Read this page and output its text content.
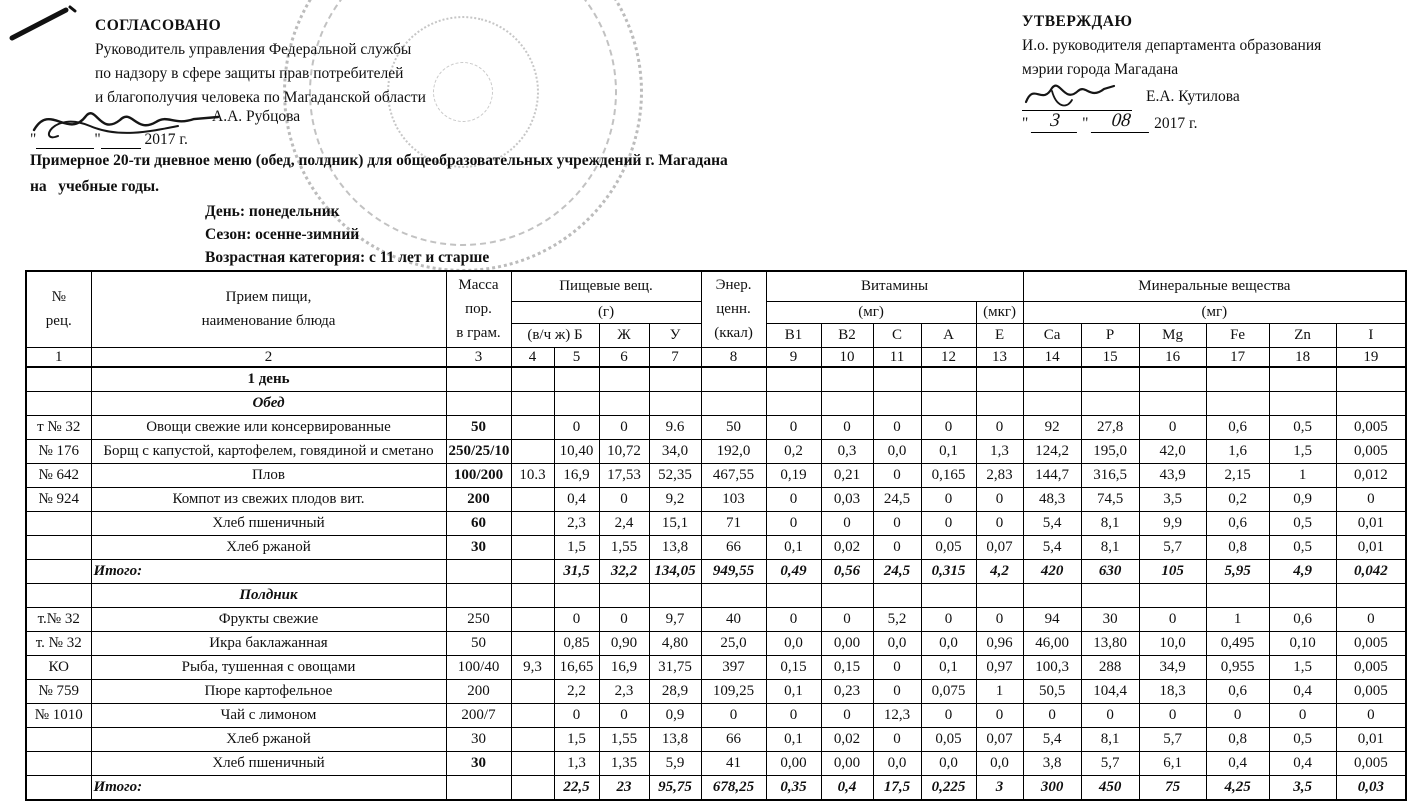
СОГЛАСОВАНО
Руководитель управления Федеральной службы
по надзору в сфере защиты прав потребителей
и благополучия человека по Магаданской области
А.А. Рубцова
"	"	2017 г.
УТВЕРЖДАЮ
И.о. руководителя департамента образования
мэрии города Магадана
Е.А. Кутилова
" 3 " 08 2017 г.
Примерное 20-ти дневное меню (обед, полдник) для общеобразовательных учреждений г. Магадана
на   учебные годы.
День: понедельник
Сезон: осенне-зимний
Возрастная категория: с 11 лет и старше
№
рец.

Прием пищи,
наименование блюда

Масса
пор.
в грам.
	Пищевые вещ.	Энер.
ценн.
(ккал)
	Витамины	Минеральные вещества
			(г)					(мг)				(мкг)	(мг)					
			(в/ч ж) Б		Ж	У		B1	B2	C	A	E	Ca	P	Mg	Fe	Zn	I
1	2	3	4	5	6	7	8	9	10	11	12	13	14	15	16	17	18	19
	1 день																	
	Обед																	
т № 32	Овощи свежие или консервированные	50		0	0	9.6	50	0	0	0	0	0	92	27,8	0	0,6	0,5	0,005
№ 176	Борщ с капустой, картофелем, говядиной и сметано	250/25/10		10,40	10,72	34,0	192,0	0,2	0,3	0,0	0,1	1,3	124,2	195,0	42,0	1,6	1,5	0,005
№ 642	Плов	100/200	10.3	16,9	17,53	52,35	467,55	0,19	0,21	0	0,165	2,83	144,7	316,5	43,9	2,15	1	0,012
№ 924	Компот из свежих плодов вит.	200		0,4	0	9,2	103	0	0,03	24,5	0	0	48,3	74,5	3,5	0,2	0,9	0
	Хлеб пшеничный	60		2,3	2,4	15,1	71	0	0	0	0	0	5,4	8,1	9,9	0,6	0,5	0,01
	Хлеб ржаной	30		1,5	1,55	13,8	66	0,1	0,02	0	0,05	0,07	5,4	8,1	5,7	0,8	0,5	0,01
	Итого:			31,5	32,2	134,05	949,55	0,49	0,56	24,5	0,315	4,2	420	630	105	5,95	4,9	0,042
	Полдник																	
т.№ 32	Фрукты свежие	250		0	0	9,7	40	0	0	5,2	0	0	94	30	0	1	0,6	0
т. № 32	Икра баклажанная	50		0,85	0,90	4,80	25,0	0,0	0,00	0,0	0,0	0,96	46,00	13,80	10,0	0,495	0,10	0,005
КО	Рыба, тушенная с овощами	100/40	9,3	16,65	16,9	31,75	397	0,15	0,15	0	0,1	0,97	100,3	288	34,9	0,955	1,5	0,005
№ 759	Пюре картофельное	200		2,2	2,3	28,9	109,25	0,1	0,23	0	0,075	1	50,5	104,4	18,3	0,6	0,4	0,005
№ 1010	Чай с лимоном	200/7		0	0	0,9	0	0	0	12,3	0	0	0	0	0	0	0	0
	Хлеб ржаной	30		1,5	1,55	13,8	66	0,1	0,02	0	0,05	0,07	5,4	8,1	5,7	0,8	0,5	0,01
	Хлеб пшеничный	30		1,3	1,35	5,9	41	0,00	0,00	0,0	0,0	0,0	3,8	5,7	6,1	0,4	0,4	0,005
	Итого:			22,5	23	95,75	678,25	0,35	0,4	17,5	0,225	3	300	450	75	4,25	3,5	0,03
